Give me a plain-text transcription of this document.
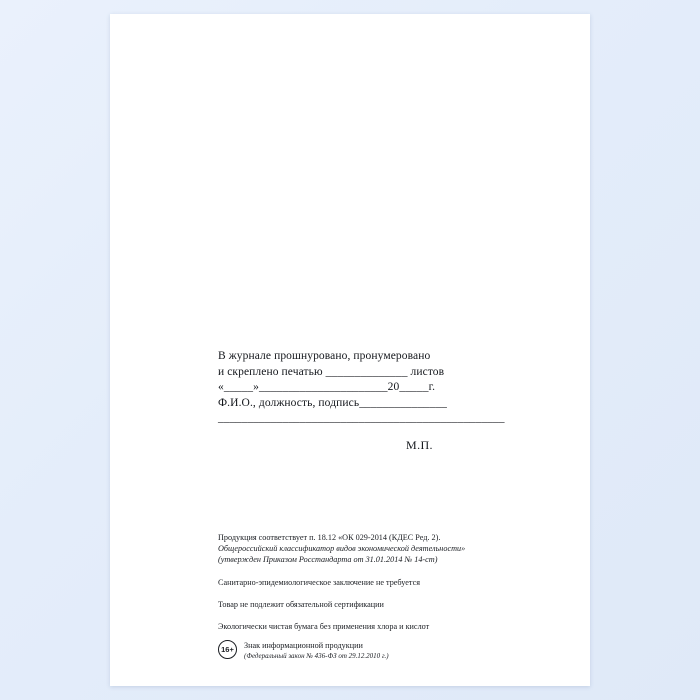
В журнале прошнуровано, пронумеровано
и скреплено печатью ______________ листов
«_____»______________________20_____г.
Ф.И.О., должность, подпись_______________
_________________________________________________
М.П.

Продукция соответствует п. 18.12 «ОК 029-2014 (КДЕС Ред. 2).

Общероссийский классификатор видов экономической деятельности»

(утвержден Приказом Росстандарта от 31.01.2014 № 14-ст)

Санитарно-эпидемиологическое заключение не требуется

Товар не подлежит обязательной сертификации

Экологически чистая бумага без применения хлора и кислот

16+	Знак информационной продукции
(Федеральный закон № 436-ФЗ от 29.12.2010 г.)
